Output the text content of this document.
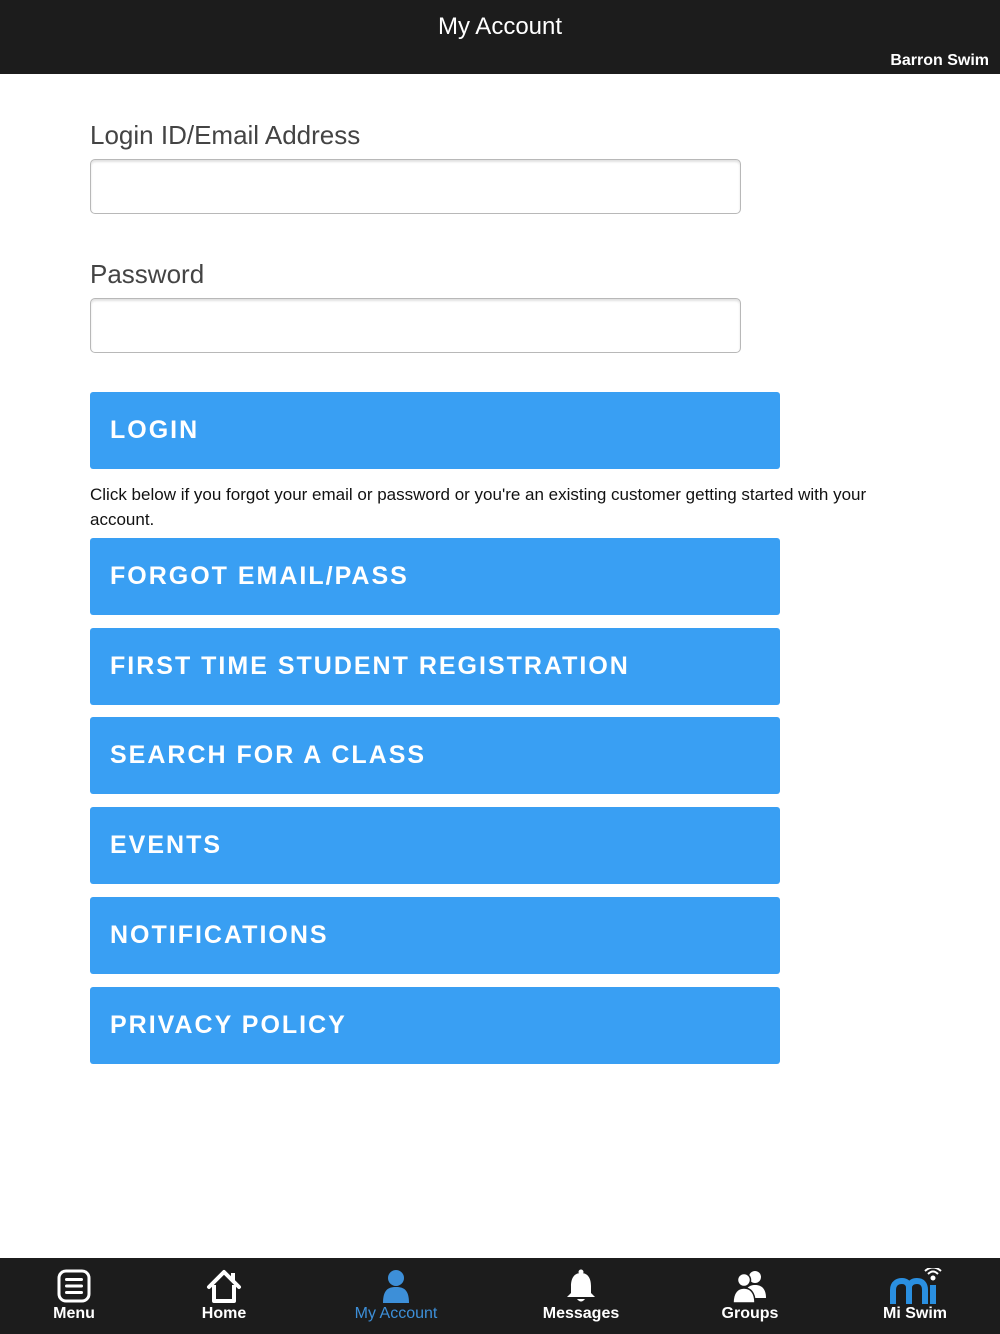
My Account
Barron Swim
Login ID/Email Address
Password
LOGIN
Click below if you forgot your email or password or you're an existing customer getting started with your account.
FORGOT EMAIL/PASS
FIRST TIME STUDENT REGISTRATION
SEARCH FOR A CLASS
EVENTS
NOTIFICATIONS
PRIVACY POLICY
Menu	Home	My Account	Messages	Groups	Mi Swim
